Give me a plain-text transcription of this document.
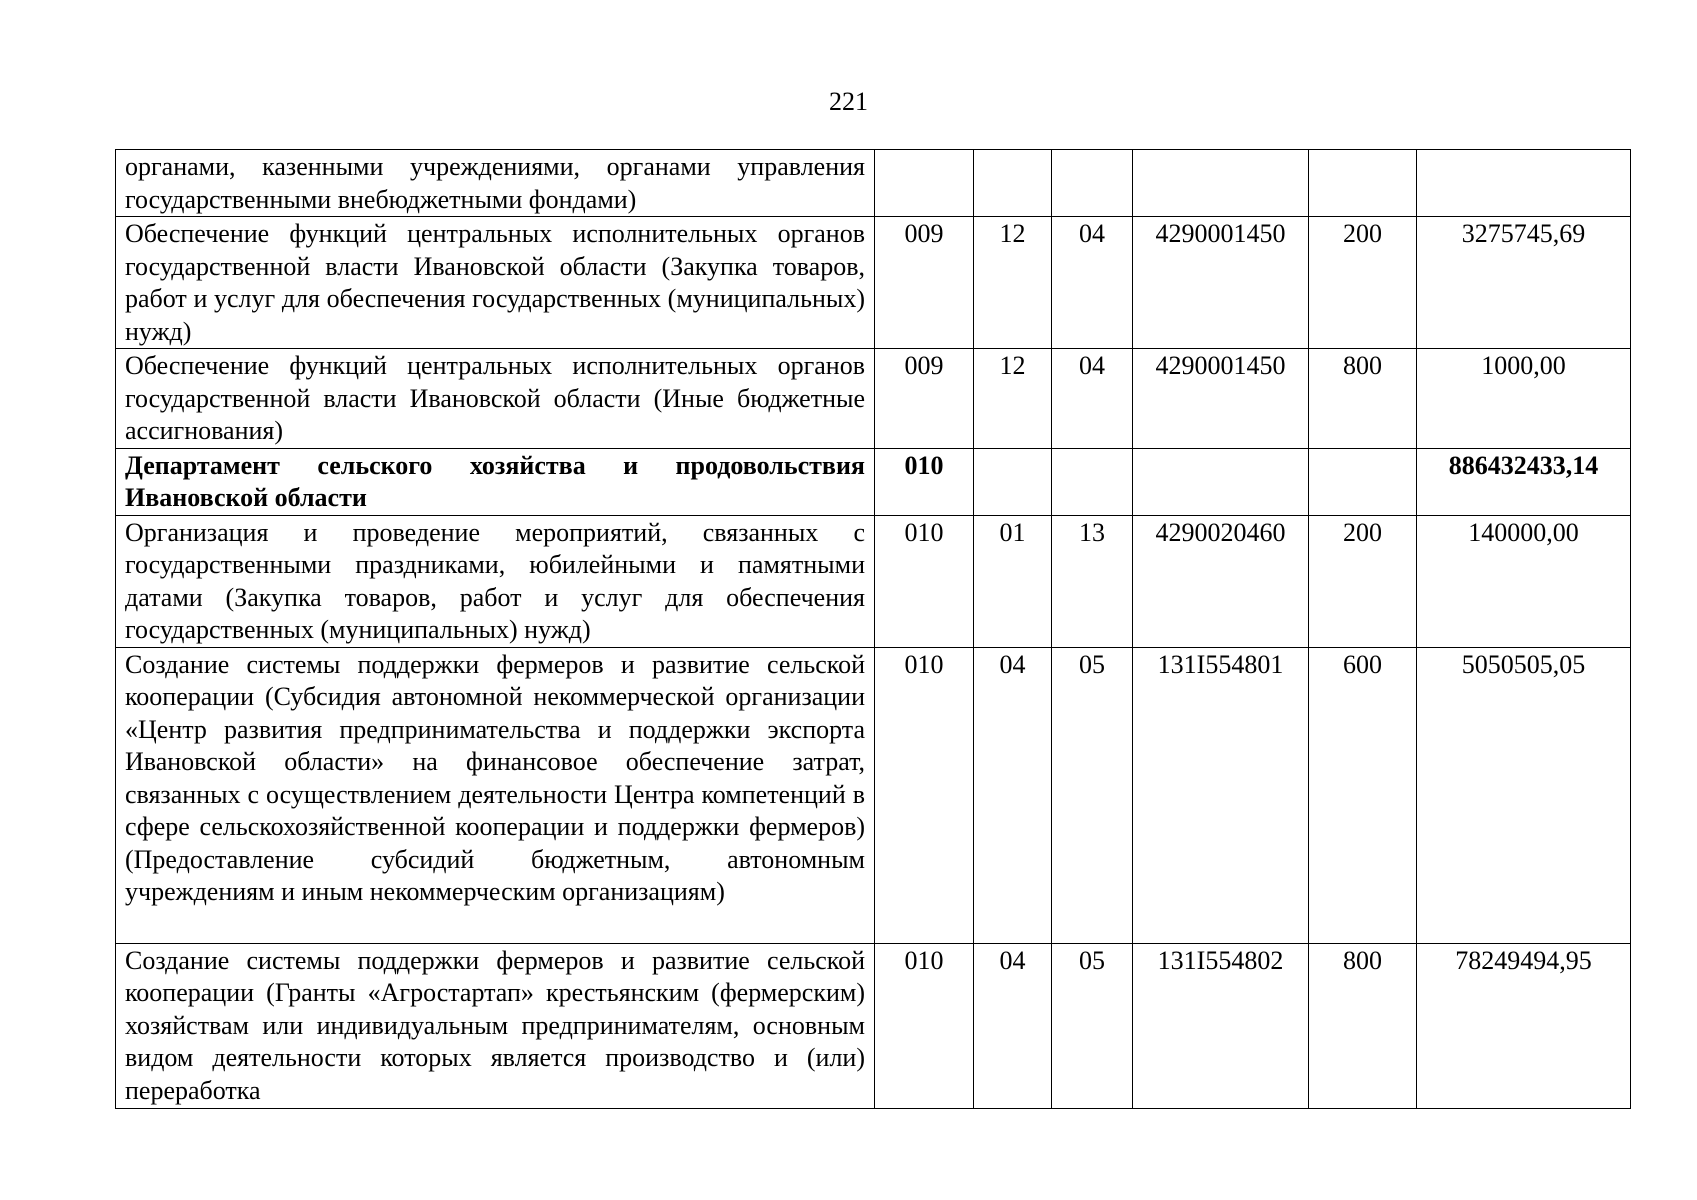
221
органами, казенными учреждениями, органами управления государственными внебюджетными фондами)						
Обеспечение функций центральных исполнительных органов государственной власти Ивановской области (Закупка товаров, работ и услуг для обеспечения государственных (муниципальных) нужд)	009	12	04	4290001450	200	3275745,69
Обеспечение функций центральных исполнительных органов государственной власти Ивановской области (Иные бюджетные ассигнования)	009	12	04	4290001450	800	1000,00
Департамент сельского хозяйства и продовольствия Ивановской области	010					886432433,14
Организация и проведение мероприятий, связанных с государственными праздниками, юбилейными и памятными датами (Закупка товаров, работ и услуг для обеспечения государственных (муниципальных) нужд)	010	01	13	4290020460	200	140000,00
Создание системы поддержки фермеров и развитие сельской кооперации (Субсидия автономной некоммерческой организации «Центр развития предпринимательства и поддержки экспорта Ивановской области» на финансовое обеспечение затрат, связанных с осуществлением деятельности Центра компетенций в сфере сельскохозяйственной кооперации и поддержки фермеров) (Предоставление субсидий бюджетным, автономным учреждениям и иным некоммерческим организациям)	010	04	05	131I554801	600	5050505,05
Создание системы поддержки фермеров и развитие сельской кооперации (Гранты «Агростартап» крестьянским (фермерским) хозяйствам или индивидуальным предпринимателям, основным видом деятельности которых является производство и (или) переработка	010	04	05	131I554802	800	78249494,95
